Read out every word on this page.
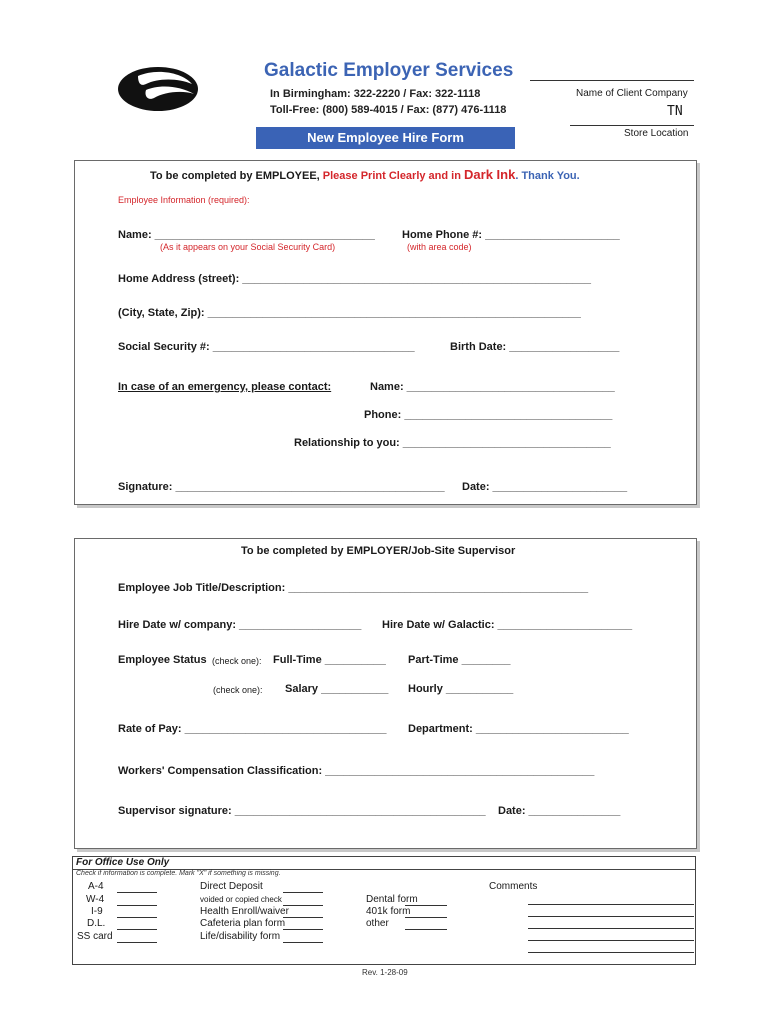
Galactic Employer Services
In Birmingham: 322-2220 / Fax: 322-1118
Toll-Free: (800) 589-4015 / Fax: (877) 476-1118
Name of Client Company
TN
Store Location
New Employee Hire Form
To be completed by EMPLOYEE, Please Print Clearly and in Dark Ink. Thank You.
Employee Information (required):
Name: ____________________________________
(As it appears on your Social Security Card)
Home Phone #: ______________________
(with area code)
Home Address (street): _________________________________________________________
(City, State, Zip): _____________________________________________________________
Social Security #: _________________________________	Birth Date: __________________
In case of an emergency, please contact:	Name: __________________________________
Phone: __________________________________
Relationship to you: __________________________________
Signature: ____________________________________________ Date: ______________________
To be completed by EMPLOYER/Job-Site Supervisor
Employee Job Title/Description: _________________________________________________
Hire Date w/ company: ____________________ Hire Date w/ Galactic: ______________________
Employee Status (check one): Full-Time __________ Part-Time ________
(check one): Salary ___________ Hourly ___________
Rate of Pay: _________________________________ Department: _________________________
Workers' Compensation Classification: ____________________________________________
Supervisor signature: _________________________________________ Date: _______________
For Office Use Only
Check if information is complete. Mark "X" if something is missing.
A-4
W-4
I-9
D.L.
SS card
Direct Deposit
voided or copied check
Health Enroll/waiver
Cafeteria plan form
Life/disability form
Dental form
401k form
other
Comments
Rev. 1-28-09
